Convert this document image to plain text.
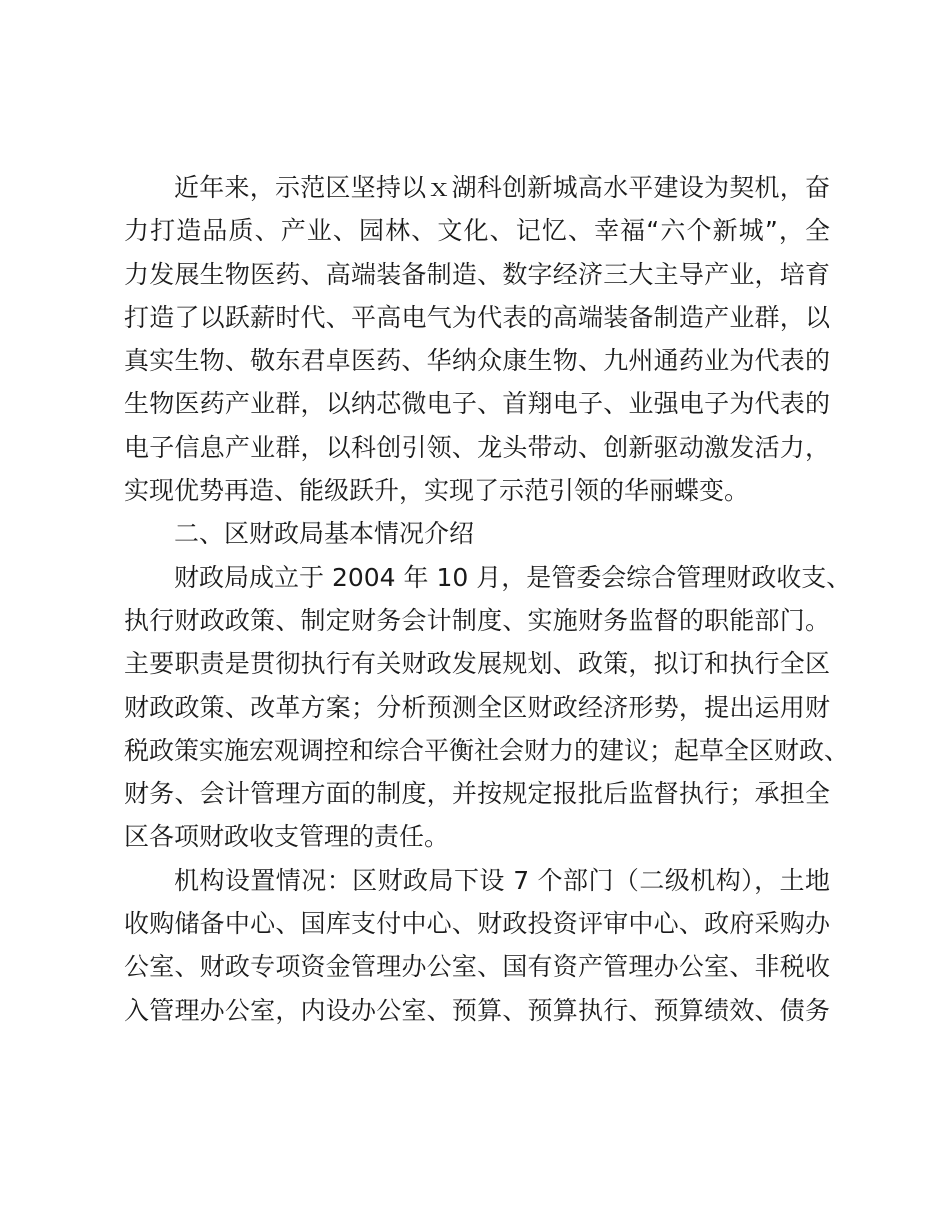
近年来，示范区坚持以ｘ湖科创新城高水平建设为契机，奋
力打造品质、产业、园林、文化、记忆、幸福“六个新城”，全
力发展生物医药、高端装备制造、数字经济三大主导产业，培育
打造了以跃薪时代、平高电气为代表的高端装备制造产业群，以
真实生物、敬东君卓医药、华纳众康生物、九州通药业为代表的
生物医药产业群，以纳芯微电子、首翔电子、业强电子为代表的
电子信息产业群，以科创引领、龙头带动、创新驱动激发活力，
实现优势再造、能级跃升，实现了示范引领的华丽蝶变。
二、区财政局基本情况介绍
财政局成立于 2004 年 10 月，是管委会综合管理财政收支、
执行财政政策、制定财务会计制度、实施财务监督的职能部门。
主要职责是贯彻执行有关财政发展规划、政策，拟订和执行全区
财政政策、改革方案；分析预测全区财政经济形势，提出运用财
税政策实施宏观调控和综合平衡社会财力的建议；起草全区财政、
财务、会计管理方面的制度，并按规定报批后监督执行；承担全
区各项财政收支管理的责任。
机构设置情况：区财政局下设 7 个部门（二级机构），土地
收购储备中心、国库支付中心、财政投资评审中心、政府采购办
公室、财政专项资金管理办公室、国有资产管理办公室、非税收
入管理办公室，内设办公室、预算、预算执行、预算绩效、债务
